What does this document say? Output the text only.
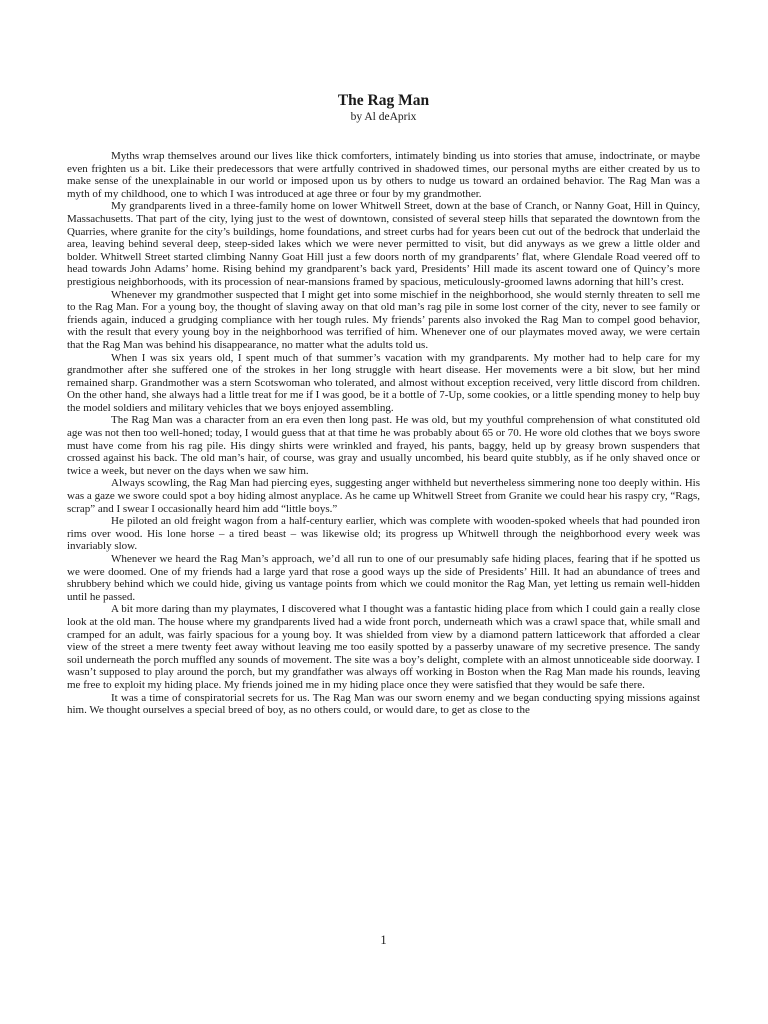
The Rag Man

by Al deAprix

Myths wrap themselves around our lives like thick comforters, intimately binding us into stories that amuse, indoctrinate, or maybe even frighten us a bit. Like their predecessors that were artfully contrived in shadowed times, our personal myths are either created by us to make sense of the unexplainable in our world or imposed upon us by others to nudge us toward an ordained behavior. The Rag Man was a myth of my childhood, one to which I was introduced at age three or four by my grandmother.

My grandparents lived in a three-family home on lower Whitwell Street, down at the base of Cranch, or Nanny Goat, Hill in Quincy, Massachusetts. That part of the city, lying just to the west of downtown, consisted of several steep hills that separated the downtown from the Quarries, where granite for the city’s buildings, home foundations, and street curbs had for years been cut out of the bedrock that underlaid the area, leaving behind several deep, steep-sided lakes which we were never permitted to visit, but did anyways as we grew a little older and bolder. Whitwell Street started climbing Nanny Goat Hill just a few doors north of my grandparents’ flat, where Glendale Road veered off to head towards John Adams’ home. Rising behind my grandparent’s back yard, Presidents’ Hill made its ascent toward one of Quincy’s more prestigious neighborhoods, with its procession of near-mansions framed by spacious, meticulously-groomed lawns adorning that hill’s crest.

Whenever my grandmother suspected that I might get into some mischief in the neighborhood, she would sternly threaten to sell me to the Rag Man. For a young boy, the thought of slaving away on that old man’s rag pile in some lost corner of the city, never to see family or friends again, induced a grudging compliance with her tough rules. My friends’ parents also invoked the Rag Man to compel good behavior, with the result that every young boy in the neighborhood was terrified of him. Whenever one of our playmates moved away, we were certain that the Rag Man was behind his disappearance, no matter what the adults told us.

When I was six years old, I spent much of that summer’s vacation with my grandparents. My mother had to help care for my grandmother after she suffered one of the strokes in her long struggle with heart disease. Her movements were a bit slow, but her mind remained sharp. Grandmother was a stern Scotswoman who tolerated, and almost without exception received, very little discord from children. On the other hand, she always had a little treat for me if I was good, be it a bottle of 7-Up, some cookies, or a little spending money to help buy the model soldiers and military vehicles that we boys enjoyed assembling.

The Rag Man was a character from an era even then long past. He was old, but my youthful comprehension of what constituted old age was not then too well-honed; today, I would guess that at that time he was probably about 65 or 70. He wore old clothes that we boys swore must have come from his rag pile. His dingy shirts were wrinkled and frayed, his pants, baggy, held up by greasy brown suspenders that crossed against his back. The old man’s hair, of course, was gray and usually uncombed, his beard quite stubbly, as if he only shaved once or twice a week, but never on the days when we saw him.

Always scowling, the Rag Man had piercing eyes, suggesting anger withheld but nevertheless simmering none too deeply within. His was a gaze we swore could spot a boy hiding almost anyplace. As he came up Whitwell Street from Granite we could hear his raspy cry, “Rags, scrap” and I swear I occasionally heard him add “little boys.”

He piloted an old freight wagon from a half-century earlier, which was complete with wooden-spoked wheels that had pounded iron rims over wood. His lone horse – a tired beast – was likewise old; its progress up Whitwell through the neighborhood every week was invariably slow.

Whenever we heard the Rag Man’s approach, we’d all run to one of our presumably safe hiding places, fearing that if he spotted us we were doomed. One of my friends had a large yard that rose a good ways up the side of Presidents’ Hill. It had an abundance of trees and shrubbery behind which we could hide, giving us vantage points from which we could monitor the Rag Man, yet letting us remain well-hidden until he passed.

A bit more daring than my playmates, I discovered what I thought was a fantastic hiding place from which I could gain a really close look at the old man. The house where my grandparents lived had a wide front porch, underneath which was a crawl space that, while small and cramped for an adult, was fairly spacious for a young boy. It was shielded from view by a diamond pattern latticework that afforded a clear view of the street a mere twenty feet away without leaving me too easily spotted by a passerby unaware of my secretive presence. The sandy soil underneath the porch muffled any sounds of movement. The site was a boy’s delight, complete with an almost unnoticeable side doorway. I wasn’t supposed to play around the porch, but my grandfather was always off working in Boston when the Rag Man made his rounds, leaving me free to exploit my hiding place. My friends joined me in my hiding place once they were satisfied that they would be safe there.

It was a time of conspiratorial secrets for us. The Rag Man was our sworn enemy and we began conducting spying missions against him. We thought ourselves a special breed of boy, as no others could, or would dare, to get as close to the

1
